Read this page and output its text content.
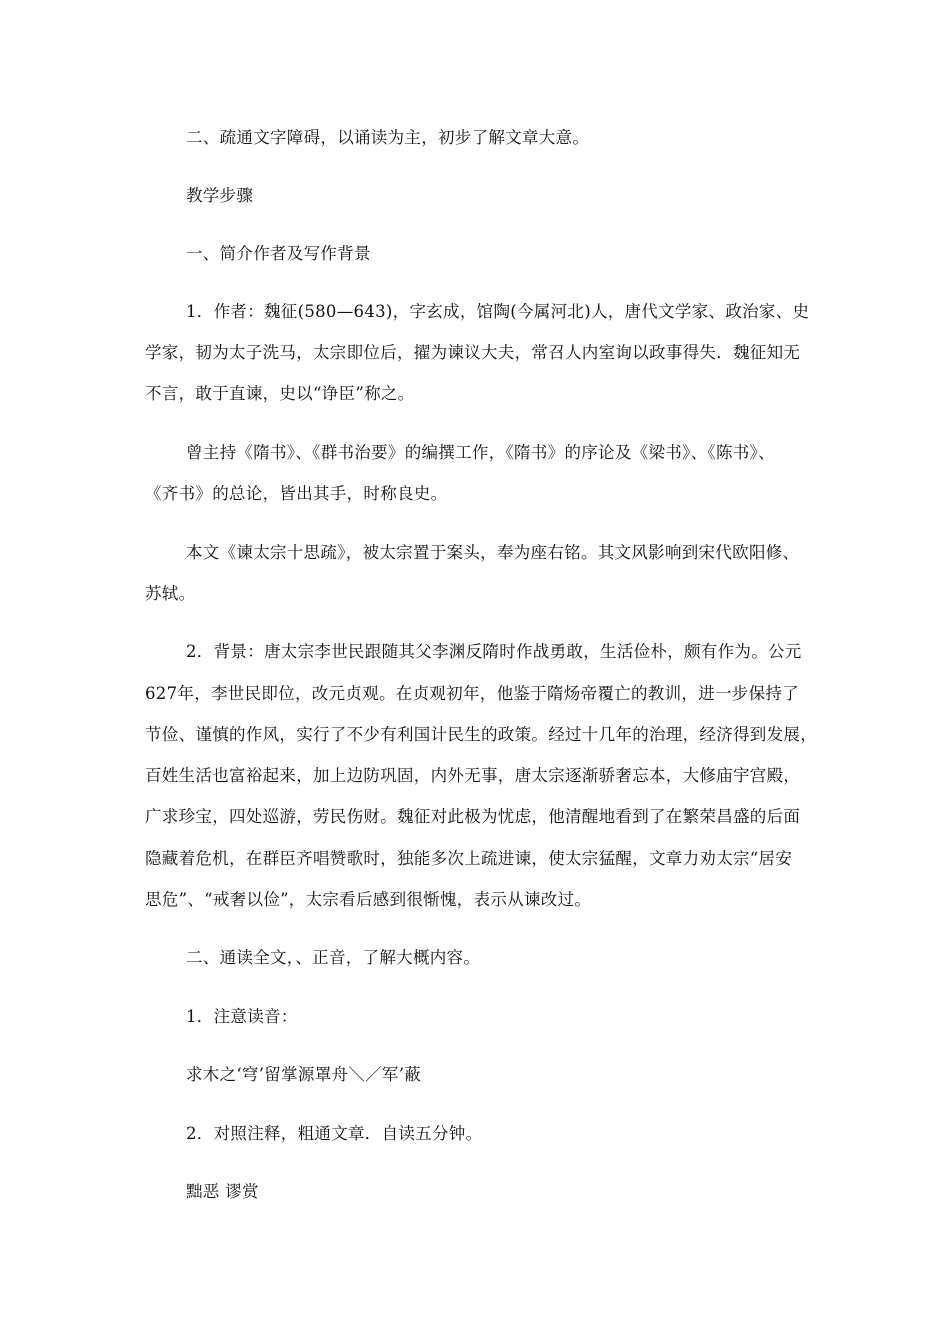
二、疏通文字障碍，以诵读为主，初步了解文章大意。
教学步骤
一、简介作者及写作背景
1．作者：魏征(580—643)，字玄成，馆陶(今属河北)人，唐代文学家、政治家、史
学家，韧为太子洗马，太宗即位后，擢为谏议大夫，常召人内室询以政事得失．魏征知无
不言，敢于直谏，史以“诤臣”称之。
曾主持《隋书》、《群书治要》的编撰工作，《隋书》的序论及《梁书》、《陈书》、
《齐书》的总论，皆出其手，时称良史。
本文《谏太宗十思疏》，被太宗置于案头，奉为座右铭。其文风影响到宋代欧阳修、
苏轼。
2．背景：唐太宗李世民跟随其父李渊反隋时作战勇敢，生活俭朴，颇有作为。公元
627年，李世民即位，改元贞观。在贞观初年，他鉴于隋炀帝覆亡的教训，进一步保持了
节俭、谨慎的作风，实行了不少有利国计民生的政策。经过十几年的治理，经济得到发展，
百姓生活也富裕起来，加上边防巩固，内外无事，唐太宗逐渐骄奢忘本，大修庙宇宫殿，
广求珍宝，四处巡游，劳民伤财。魏征对此极为忧虑，他清醒地看到了在繁荣昌盛的后面
隐藏着危机，在群臣齐唱赞歌时，独能多次上疏进谏，使太宗猛醒，文章力劝太宗“居安
思危”、“戒奢以俭”，太宗看后感到很惭愧，表示从谏改过。
二、通读全文，、正音，了解大概内容。
1．注意读音：
求木之‘穹’留掌源罩舟＼／军’蔽
2．对照注释，粗通文章．自读五分钟。
黜恶 谬赏
